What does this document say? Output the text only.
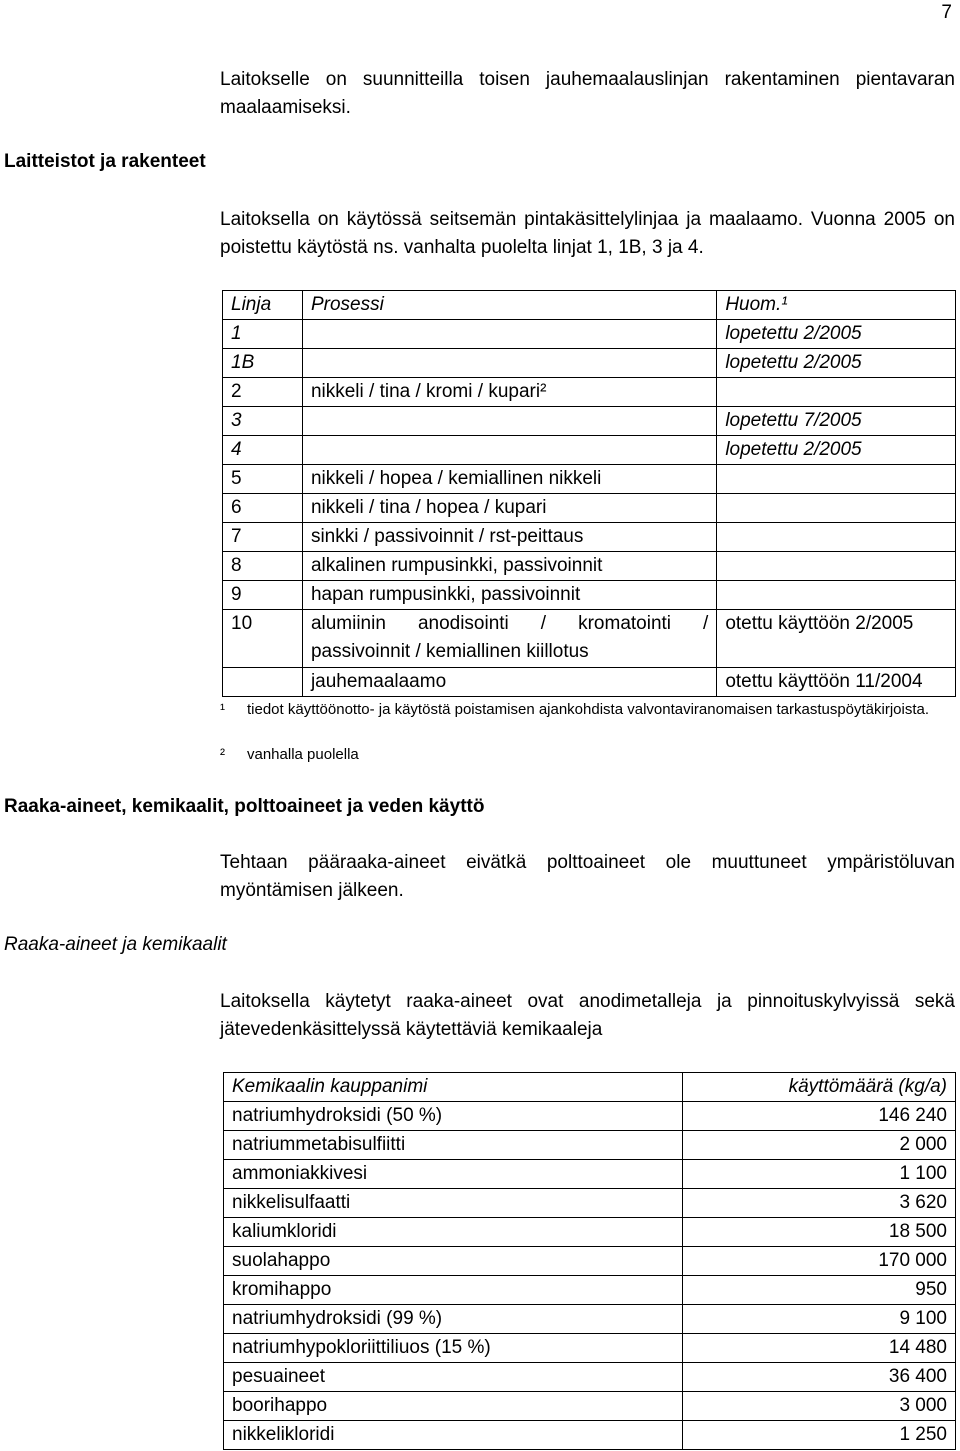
7
Laitokselle on suunnitteilla toisen jauhemaalauslinjan rakentaminen pientavaran maalaamiseksi.
Laitteistot ja rakenteet
Laitoksella on käytössä seitsemän pintakäsittelylinjaa ja maalaamo. Vuonna 2005 on poistettu käytöstä ns. vanhalta puolelta linjat 1, 1B, 3 ja 4.
Linja	Prosessi	Huom.¹
1		lopetettu 2/2005
1B		lopetettu 2/2005
2	nikkeli / tina / kromi / kupari²	
3		lopetettu 7/2005
4		lopetettu 2/2005
5	nikkeli / hopea / kemiallinen nikkeli	
6	nikkeli / tina / hopea / kupari	
7	sinkki / passivoinnit / rst-peittaus	
8	alkalinen rumpusinkki, passivoinnit	
9	hapan rumpusinkki, passivoinnit	
10	alumiinin anodisointi / kromatointi /
passivoinnit / kemiallinen kiillotus	otettu käyttöön 2/2005
	jauhemaalaamo	otettu käyttöön 11/2004
¹ tiedot käyttöönotto- ja käytöstä poistamisen ajankohdista valvontaviranomaisen tarkastuspöytäkirjoista.
² vanhalla puolella
Raaka-aineet, kemikaalit, polttoaineet ja veden käyttö
Tehtaan pääraaka-aineet eivätkä polttoaineet ole muuttuneet ympäristöluvan myöntämisen jälkeen.
Raaka-aineet ja kemikaalit
Laitoksella käytetyt raaka-aineet ovat anodimetalleja ja pinnoituskylvyissä sekä jätevedenkäsittelyssä käytettäviä kemikaaleja
Kemikaalin kauppanimi	käyttömäärä (kg/a)
natriumhydroksidi (50 %)	146 240
natriummetabisulfiitti	2 000
ammoniakkivesi	1 100
nikkelisulfaatti	3 620
kaliumkloridi	18 500
suolahappo	170 000
kromihappo	950
natriumhydroksidi (99 %)	9 100
natriumhypokloriittiliuos (15 %)	14 480
pesuaineet	36 400
boorihappo	3 000
nikkelikloridi	1 250
